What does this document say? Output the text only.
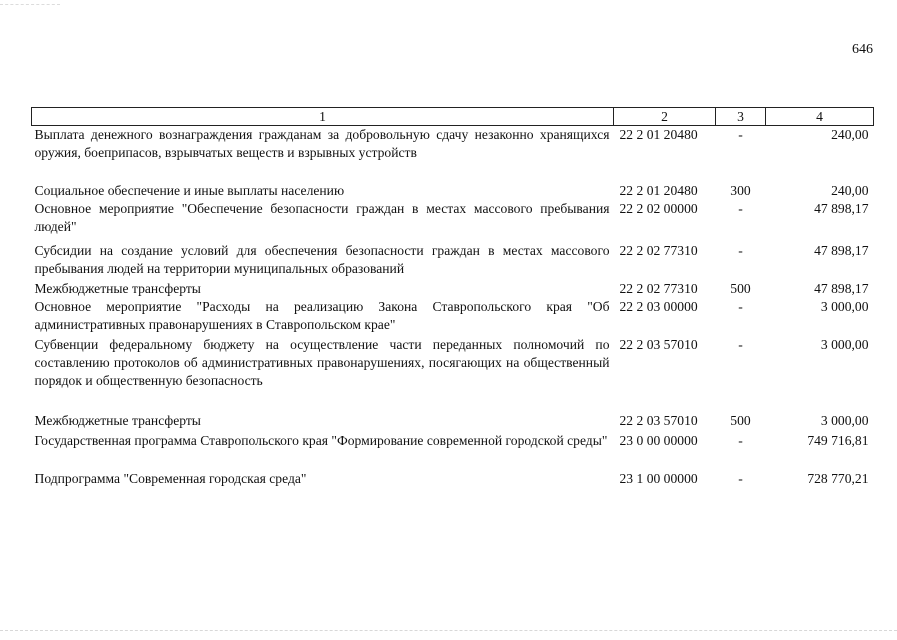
646
1	2	3	4
Выплата денежного вознаграждения гражданам за добровольную сдачу незаконно хранящихся оружия, боеприпасов, взрывчатых веществ и взрывных устройств	22 2 01 20480	-	240,00
Социальное обеспечение и иные выплаты населению	22 2 01 20480	300	240,00
Основное мероприятие "Обеспечение безопасности граждан в местах массового пребывания людей"	22 2 02 00000	-	47 898,17
Субсидии на создание условий для обеспечения безопасности граждан в местах массового пребывания людей на территории муниципальных образований	22 2 02 77310	-	47 898,17
Межбюджетные трансферты	22 2 02 77310	500	47 898,17
Основное мероприятие "Расходы на реализацию Закона Ставропольского края "Об административных правонарушениях в Ставропольском крае"	22 2 03 00000	-	3 000,00
Субвенции федеральному бюджету на осуществление части переданных полномочий по составлению протоколов об административных правонарушениях, посягающих на общественный порядок и общественную безопасность	22 2 03 57010	-	3 000,00
Межбюджетные трансферты	22 2 03 57010	500	3 000,00
Государственная программа Ставропольского края "Формирование современной городской среды"	23 0 00 00000	-	749 716,81
Подпрограмма "Современная городская среда"	23 1 00 00000	-	728 770,21
